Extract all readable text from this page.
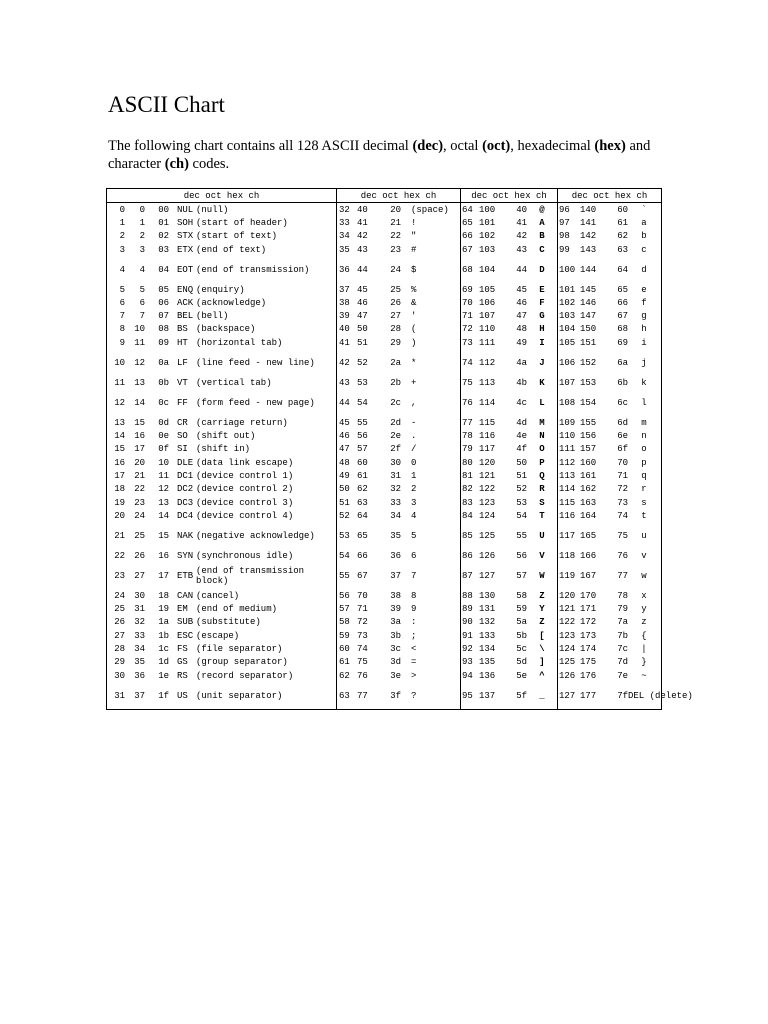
ASCII Chart

The following chart contains all 128 ASCII decimal (dec), octal (oct), hexadecimal (hex) and character (ch) codes.

dec oct hex ch
0	0	00 NUL (null)
1	1	01 SOH (start of header)
2	2	02 STX (start of text)
3	3	03 ETX (end of text)
4	4	04 EOT (end of transmission)
5	5	05 ENQ (enquiry)
6	6	06 ACK (acknowledge)
7	7	07 BEL (bell)
8	10	08 BS (backspace)
9	11	09 HT (horizontal tab)
10	12	0a LF (line feed - new line)
11	13	0b VT (vertical tab)
12	14	0c FF (form feed - new page)
13	15	0d CR (carriage return)
14	16	0e SO (shift out)
15	17	0f SI (shift in)
16	20	10 DLE (data link escape)
17	21	11 DC1 (device control 1)
18	22	12 DC2 (device control 2)
19	23	13 DC3 (device control 3)
20	24	14 DC4 (device control 4)
21	25	15 NAK (negative acknowledge)
22	26	16 SYN (synchronous idle)
23	27	17 ETB (end of transmission block)
24	30	18 CAN (cancel)
25	31	19 EM (end of medium)
26	32	1a SUB (substitute)
27	33	1b ESC (escape)
28	34	1c FS (file separator)
29	35	1d GS (group separator)
30	36	1e RS (record separator)
31	37	1f US (unit separator)
dec oct hex ch
32 40	20	(space)
33 41	21	!
34 42	22	"
35 43	23	#
36 44	24	$
37 45	25	%
38 46	26	&
39 47	27	'
40 50	28	(
41 51	29	)
42 52	2a	*
43 53	2b	+
44 54	2c	,
45 55	2d	-
46 56	2e	.
47 57	2f	/
48 60	30	0
49 61	31	1
50 62	32	2
51 63	33	3
52 64	34	4
53 65	35	5
54 66	36	6
55 67	37	7
56 70	38	8
57 71	39	9
58 72	3a	:
59 73	3b	;
60 74	3c	<
61 75	3d	=
62 76	3e	>
63 77	3f	?
dec oct hex ch
64 100	40	@
65 101	41	A
66 102	42	B
67 103	43	C
68 104	44	D
69 105	45	E
70 106	46	F
71 107	47	G
72 110	48	H
73 111	49	I
74 112	4a	J
75 113	4b	K
76 114	4c	L
77 115	4d	M
78 116	4e	N
79 117	4f	O
80 120	50	P
81 121	51	Q
82 122	52	R
83 123	53	S
84 124	54	T
85 125	55	U
86 126	56	V
87 127	57	W
88 130	58	Z
89 131	59	Y
90 132	5a	Z
91 133	5b	[
92 134	5c	\
93 135	5d	]
94 136	5e	^
95 137	5f	_
dec oct hex ch
96	140	60	`
97	141	61	a
98	142	62	b
99	143	63	c
100 144	64	d
101 145	65	e
102 146	66	f
103 147	67	g
104 150	68	h
105 151	69	i
106 152	6a	j
107 153	6b	k
108 154	6c	l
109 155	6d	m
110 156	6e	n
111 157	6f	o
112 160	70	p
113 161	71	q
114 162	72	r
115 163	73	s
116 164	74	t
117 165	75	u
118 166	76	v
119 167	77	w
120 170	78	x
121 171	79	y
122 172	7a	z
123 173	7b	{
124 174	7c	|
125 175	7d	}
126 176	7e	~
127 177	7f DEL (delete)
